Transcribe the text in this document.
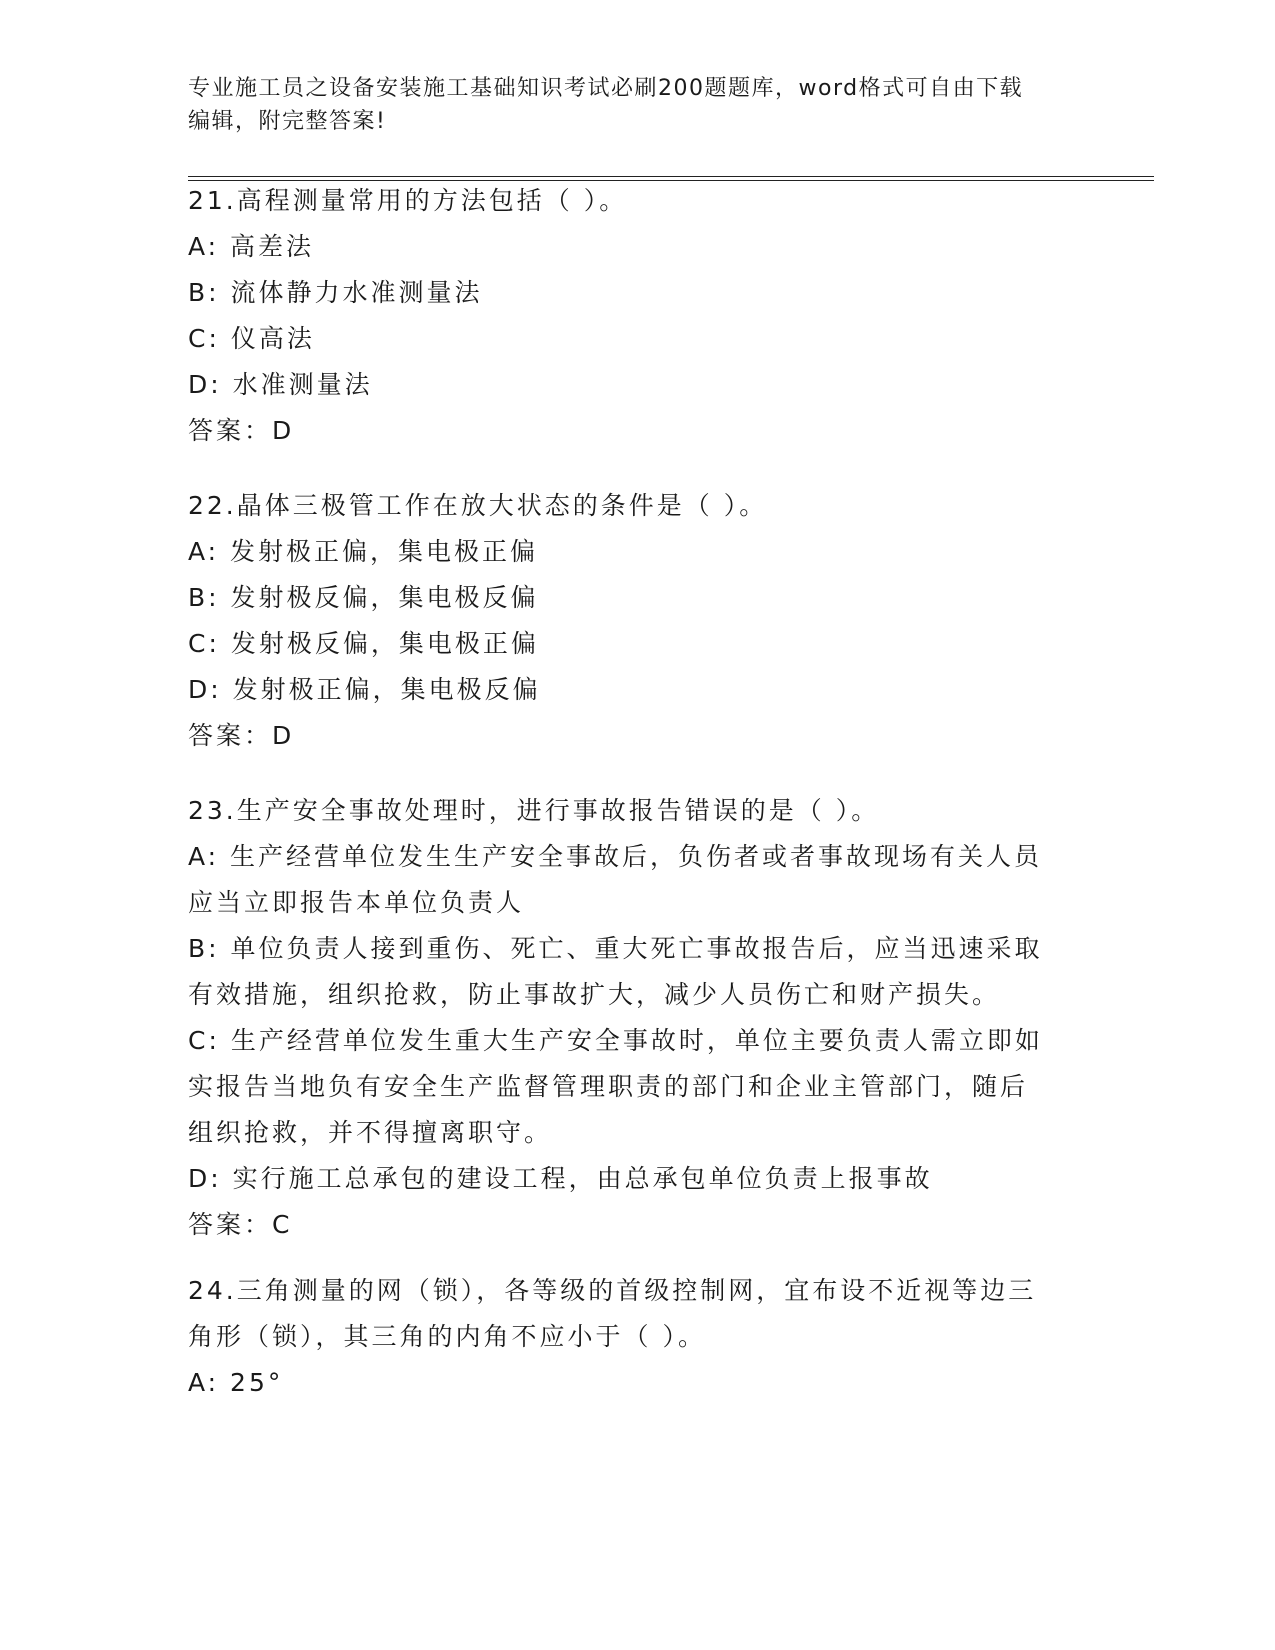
专业施工员之设备安装施工基础知识考试必刷200题题库，word格式可自由下载
编辑，附完整答案!
21.高程测量常用的方法包括（ ）。
A: 高差法
B: 流体静力水准测量法
C: 仪高法
D: 水准测量法
答案：D
22.晶体三极管工作在放大状态的条件是（ ）。
A: 发射极正偏，集电极正偏
B: 发射极反偏，集电极反偏
C: 发射极反偏，集电极正偏
D: 发射极正偏，集电极反偏
答案：D
23.生产安全事故处理时，进行事故报告错误的是（ ）。
A: 生产经营单位发生生产安全事故后，负伤者或者事故现场有关人员
应当立即报告本单位负责人
B: 单位负责人接到重伤、死亡、重大死亡事故报告后，应当迅速采取
有效措施，组织抢救，防止事故扩大，减少人员伤亡和财产损失。
C: 生产经营单位发生重大生产安全事故时，单位主要负责人需立即如
实报告当地负有安全生产监督管理职责的部门和企业主管部门，随后
组织抢救，并不得擅离职守。
D: 实行施工总承包的建设工程，由总承包单位负责上报事故
答案：C
24.三角测量的网（锁），各等级的首级控制网，宜布设不近视等边三
角形（锁），其三角的内角不应小于（ ）。
A: 25°
